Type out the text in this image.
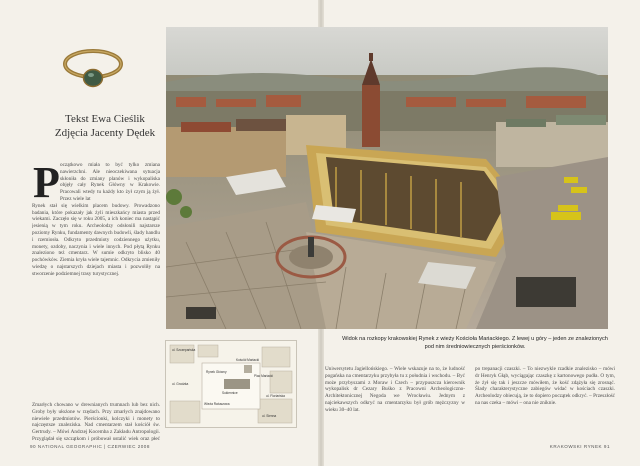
Tekst Ewa Cieślik
Zdjęcia Jacenty Dędek
P oczątkowo miała to być tylko zmiana nawierzchni. Ale nieoczekiwana sytuacja skłoniła do zmiany planów i wykopaliska objęły cały Rynek Główny w Krakowie. Pracowali wtedy tu każdy kto żył czym ją żył. Przez wiele lat

Rynek stał się wielkim placem budowy. Prowadzono badania, które pokazały jak żyli mieszkańcy miasta przed wiekami. Zaczęło się w roku 2005, a ich koniec ma nastąpić jesienią w tym roku. Archeolodzy odsłonili najstarsze poziomy Rynku, fundamenty dawnych budowli, ślady handlu i rzemiosła. Odkryto przedmioty codziennego użytku, monety, ozdoby, naczynia i wiele innych. Pod płytą Rynku znaleziono też cmentarz. W sumie odkryto blisko 40 pochówków. Ziemia kryła wiele tajemnic. Odkrycia zmieniły wiedzę o najstarszych dziejach miasta i pozwoliły na stworzenie podziemnej trasy turystycznej.

Rynek Główny
Sukiennice
Kościół Mariacki
Wieża Ratuszowa
Plac Mariacki
ul. Floriańska
ul. Grodzka
ul. Sienna
ul. Szczepańska
Widok na rozkopy krakowskiej Rynek z wieży Kościoła Mariackiego. Z lewej u góry – jeden ze znalezionych pod nim średniowiecznych pierścionków.

Uniwersytetu Jagiellońskiego. – Wiele wskazuje na to, że ludność pogańska na cmentarzyku przybyła tu z południa i wschodu. – Być może przybyszami z Moraw i Czech – przypuszcza kierownik wykopalisk dr Cezary Buśko z Pracowni Archeologiczno-Architektonicznej Negoda we Wrocławiu. Jednym z najciekawszych odkryć na cmentarzyku był grób mężczyzny w wieku 30–40 lat.

po trepanacji czaszki. – To niezwykle rzadkie znalezisko – mówi dr Henryk Głąb, wyciągając czaszkę z kartonowego pudła. O tym, że żył się tak i jeszcze mówiłem, że kość zdążyła się zrosnąć. Ślady charakterystyczne zabiegów widać w kościach czaszki. Archeolodzy obiecują, że to dopiero początek odkryć. – Przeszłość na nas czeka – mówi – ona nie zniknie.

Zmarłych chowano w drewnianych trumnach lub bez nich. Groby były ułożone w rzędach. Przy zmarłych znajdowano niewiele przedmiotów. Pierścionki, kolczyki i monety to najczęstsze znaleziska. Nad cmentarzem stał kościół św. Gertrudy. – Mówi Andrzej Kocemba z Zakładu Antropologii. Przyglądał się szczątkom i próbował ustalić wiek oraz płeć

90 NATIONAL GEOGRAPHIC | CZERWIEC 2008	KRAKOWSKI RYNEK 91
